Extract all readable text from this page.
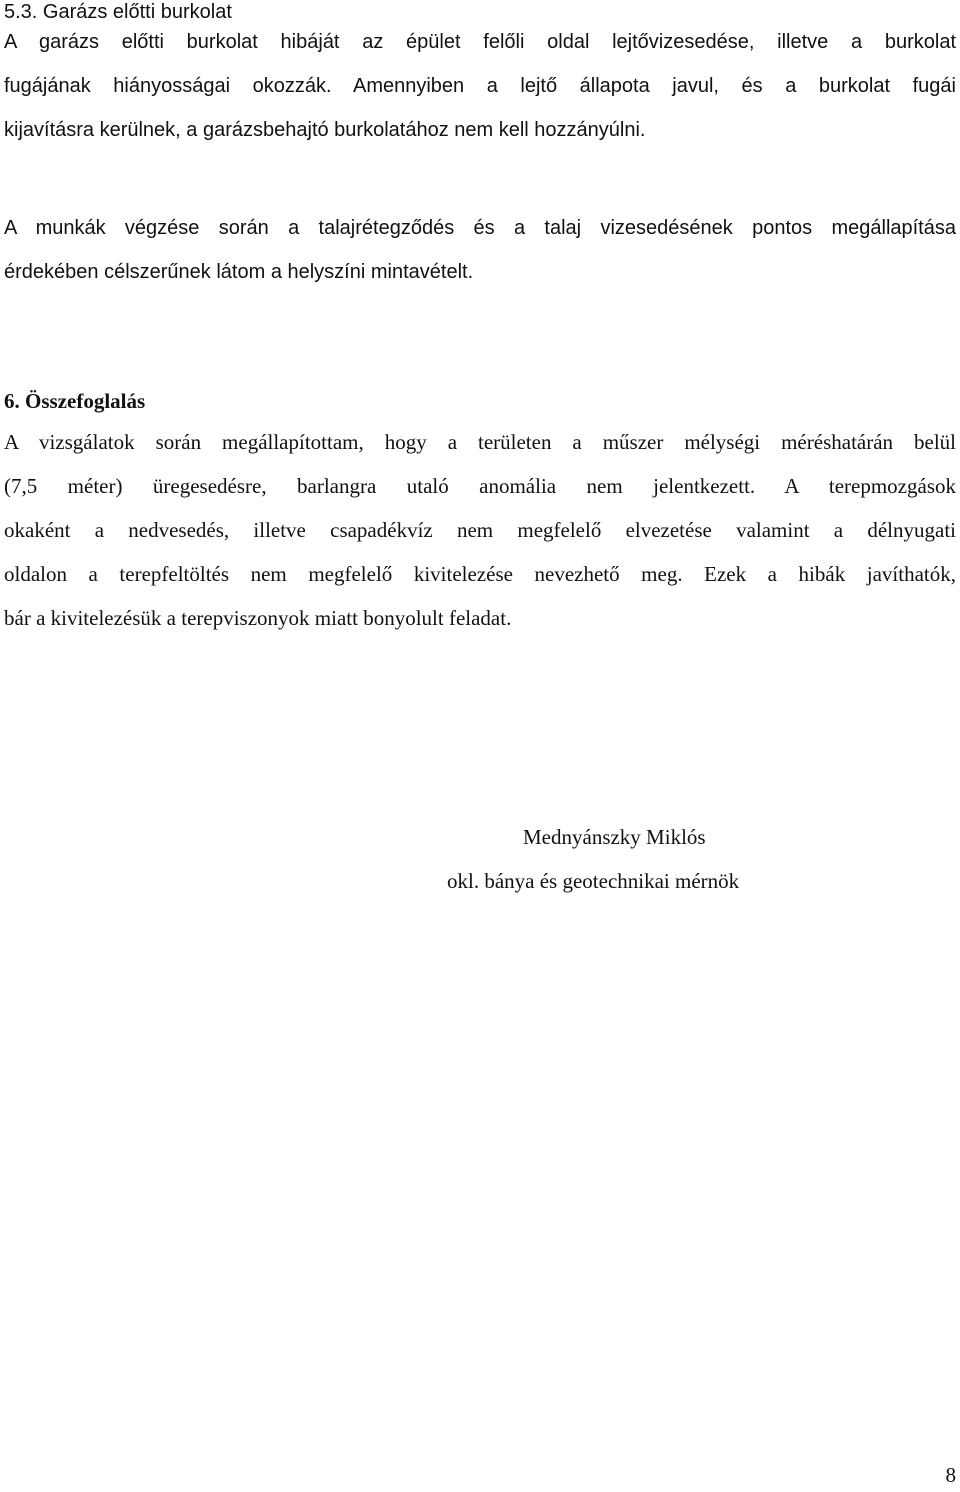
5.3. Garázs előtti burkolat
A garázs előtti burkolat hibáját az épület felőli oldal lejtővizesedése, illetve a burkolat
fugájának hiányosságai okozzák. Amennyiben a lejtő állapota javul, és a burkolat fugái
kijavításra kerülnek, a garázsbehajtó burkolatához nem kell hozzányúlni.
A munkák végzése során a talajrétegződés és a talaj vizesedésének pontos megállapítása
érdekében célszerűnek látom a helyszíni mintavételt.
6. Összefoglalás
A vizsgálatok során megállapítottam, hogy a területen a műszer mélységi méréshatárán belül
(7,5 méter) üregesedésre, barlangra utaló anomália nem jelentkezett. A terepmozgások
okaként a nedvesedés, illetve csapadékvíz nem megfelelő elvezetése valamint a délnyugati
oldalon a terepfeltöltés nem megfelelő kivitelezése nevezhető meg. Ezek a hibák javíthatók,
bár a kivitelezésük a terepviszonyok miatt bonyolult feladat.

Mednyánszky Miklós

okl. bánya és geotechnikai mérnök

8
